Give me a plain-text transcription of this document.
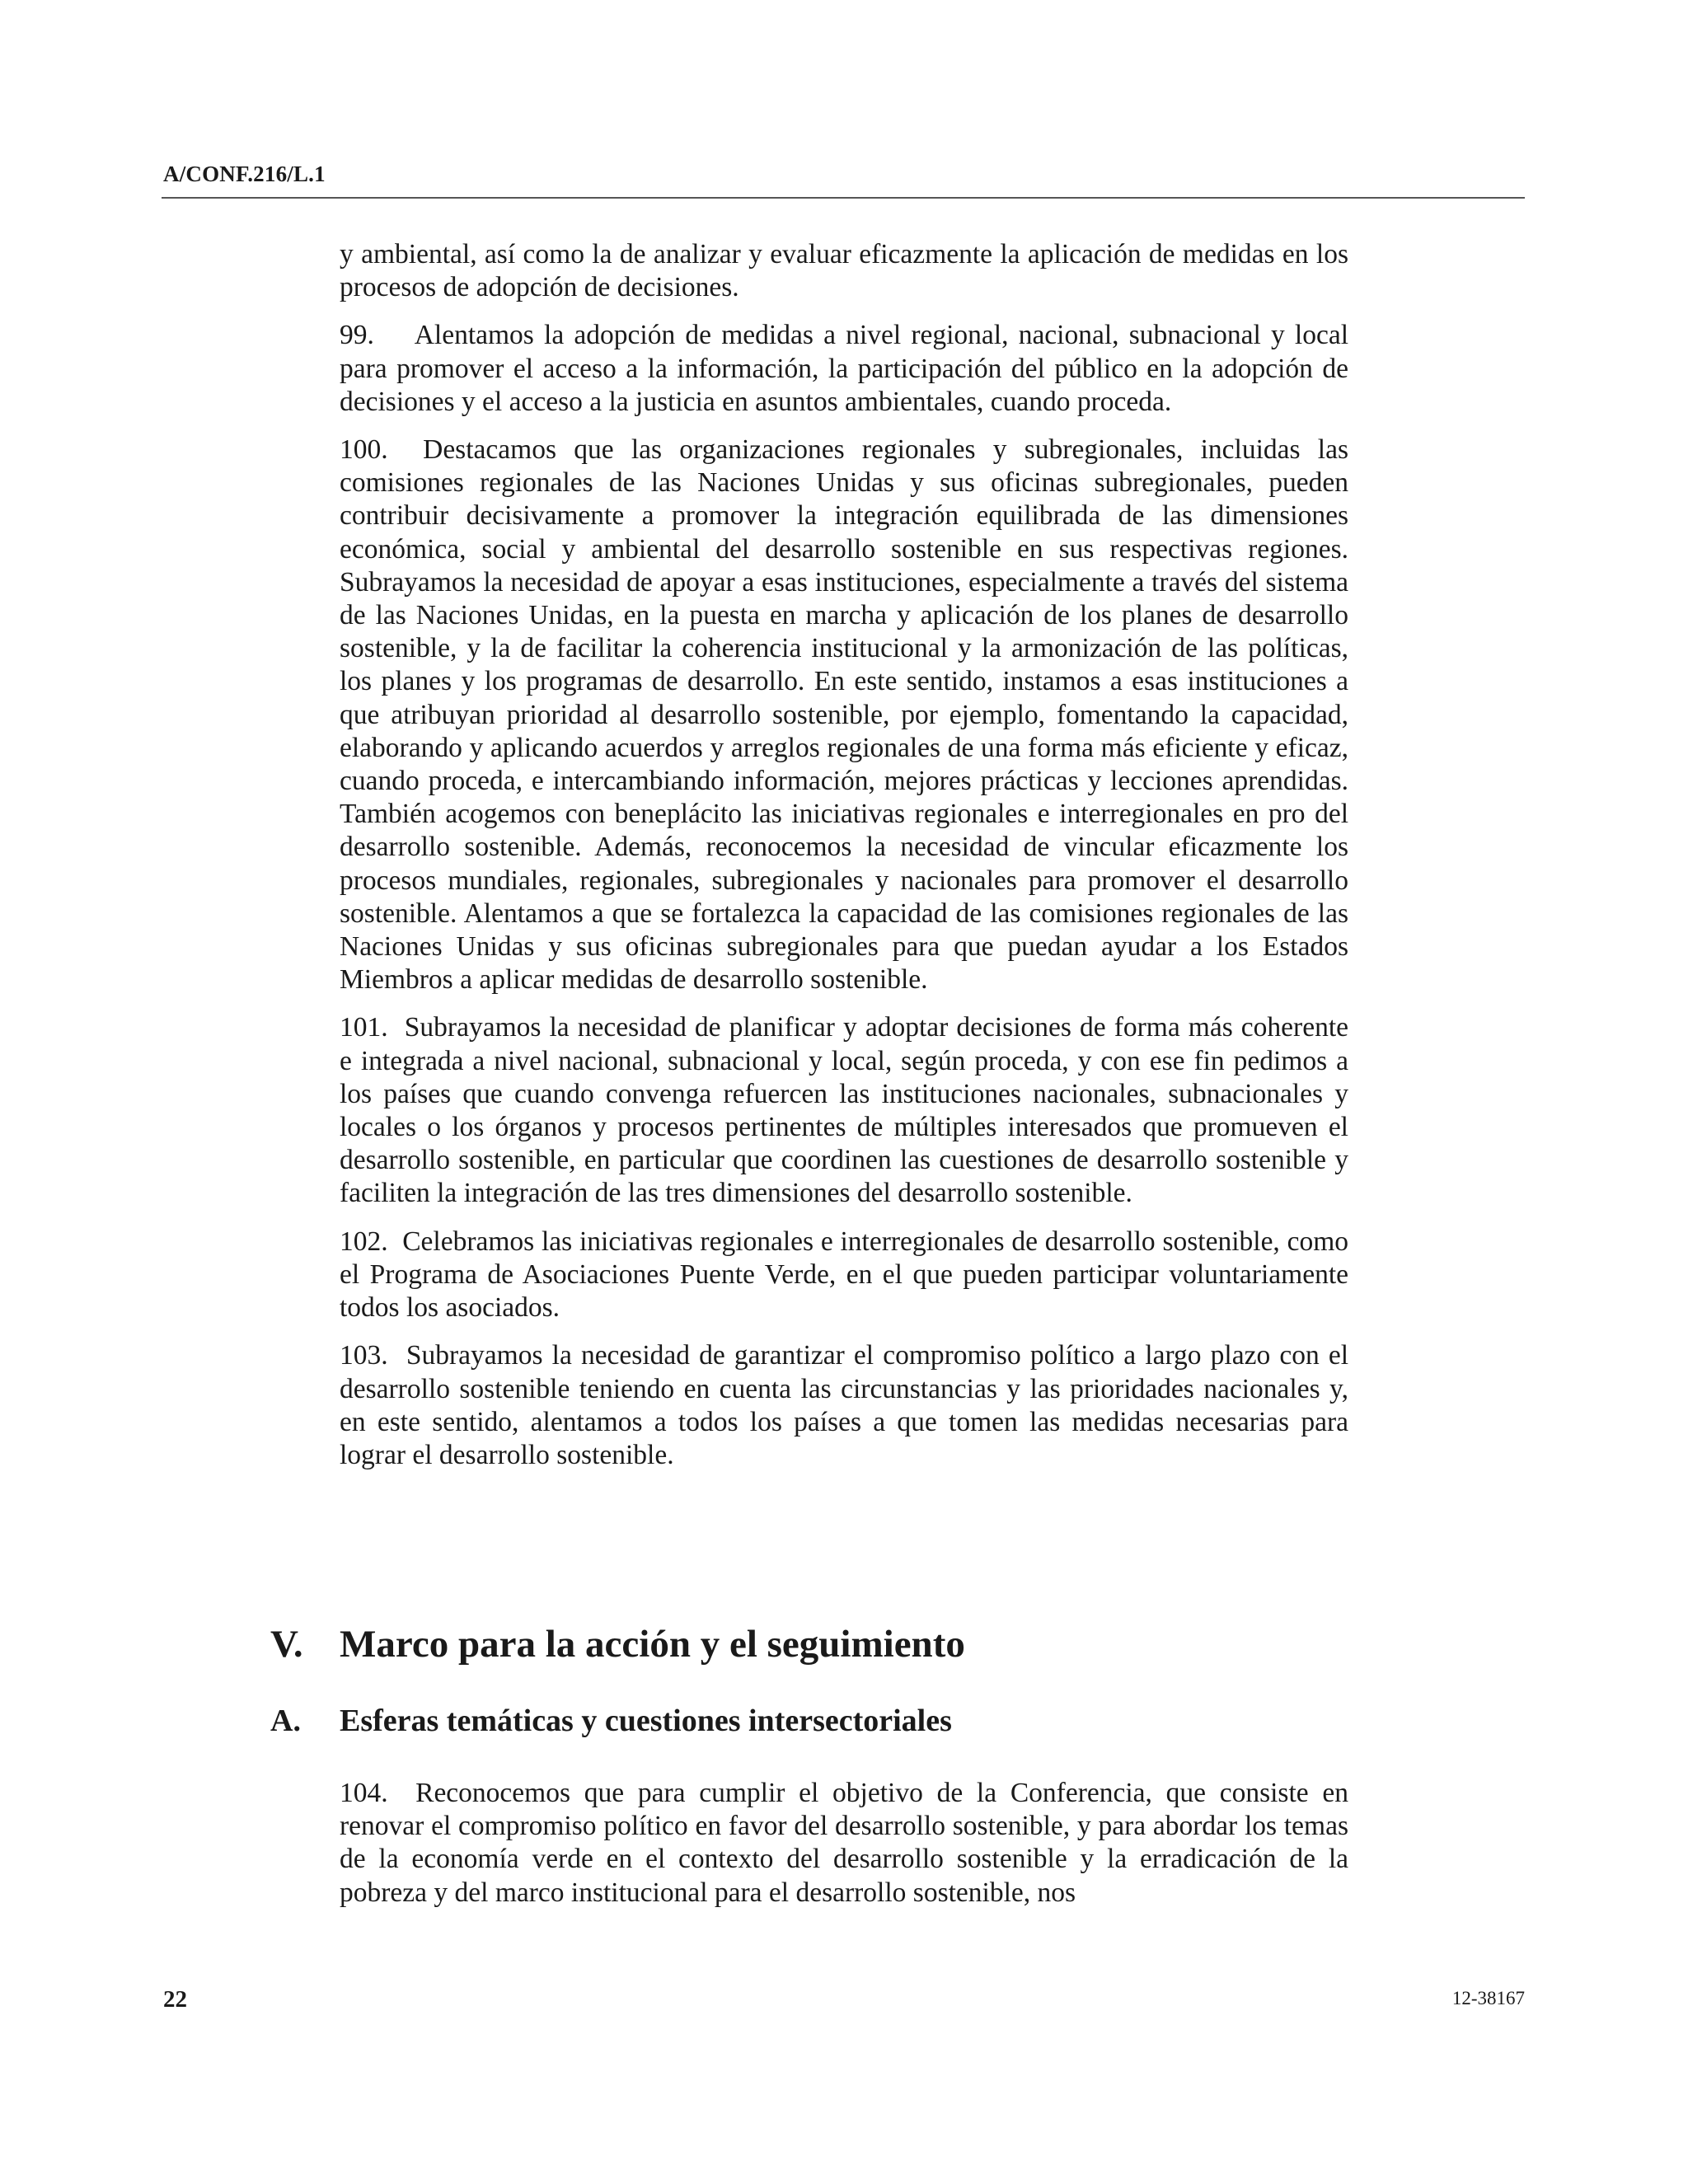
A/CONF.216/L.1

y ambiental, así como la de analizar y evaluar eficazmente la aplicación de medidas en los procesos de adopción de decisiones.

99. Alentamos la adopción de medidas a nivel regional, nacional, subnacional y local para promover el acceso a la información, la participación del público en la adopción de decisiones y el acceso a la justicia en asuntos ambientales, cuando proceda.

100. Destacamos que las organizaciones regionales y subregionales, incluidas las comisiones regionales de las Naciones Unidas y sus oficinas subregionales, pueden contribuir decisivamente a promover la integración equilibrada de las dimensiones económica, social y ambiental del desarrollo sostenible en sus respectivas regiones. Subrayamos la necesidad de apoyar a esas instituciones, especialmente a través del sistema de las Naciones Unidas, en la puesta en marcha y aplicación de los planes de desarrollo sostenible, y la de facilitar la coherencia institucional y la armonización de las políticas, los planes y los programas de desarrollo. En este sentido, instamos a esas instituciones a que atribuyan prioridad al desarrollo sostenible, por ejemplo, fomentando la capacidad, elaborando y aplicando acuerdos y arreglos regionales de una forma más eficiente y eficaz, cuando proceda, e intercambiando información, mejores prácticas y lecciones aprendidas. También acogemos con beneplácito las iniciativas regionales e interregionales en pro del desarrollo sostenible. Además, reconocemos la necesidad de vincular eficazmente los procesos mundiales, regionales, subregionales y nacionales para promover el desarrollo sostenible. Alentamos a que se fortalezca la capacidad de las comisiones regionales de las Naciones Unidas y sus oficinas subregionales para que puedan ayudar a los Estados Miembros a aplicar medidas de desarrollo sostenible.

101. Subrayamos la necesidad de planificar y adoptar decisiones de forma más coherente e integrada a nivel nacional, subnacional y local, según proceda, y con ese fin pedimos a los países que cuando convenga refuercen las instituciones nacionales, subnacionales y locales o los órganos y procesos pertinentes de múltiples interesados que promueven el desarrollo sostenible, en particular que coordinen las cuestiones de desarrollo sostenible y faciliten la integración de las tres dimensiones del desarrollo sostenible.

102. Celebramos las iniciativas regionales e interregionales de desarrollo sostenible, como el Programa de Asociaciones Puente Verde, en el que pueden participar voluntariamente todos los asociados.

103. Subrayamos la necesidad de garantizar el compromiso político a largo plazo con el desarrollo sostenible teniendo en cuenta las circunstancias y las prioridades nacionales y, en este sentido, alentamos a todos los países a que tomen las medidas necesarias para lograr el desarrollo sostenible.

V. Marco para la acción y el seguimiento
A. Esferas temáticas y cuestiones intersectoriales

104. Reconocemos que para cumplir el objetivo de la Conferencia, que consiste en renovar el compromiso político en favor del desarrollo sostenible, y para abordar los temas de la economía verde en el contexto del desarrollo sostenible y la erradicación de la pobreza y del marco institucional para el desarrollo sostenible, nos

22	12-38167
